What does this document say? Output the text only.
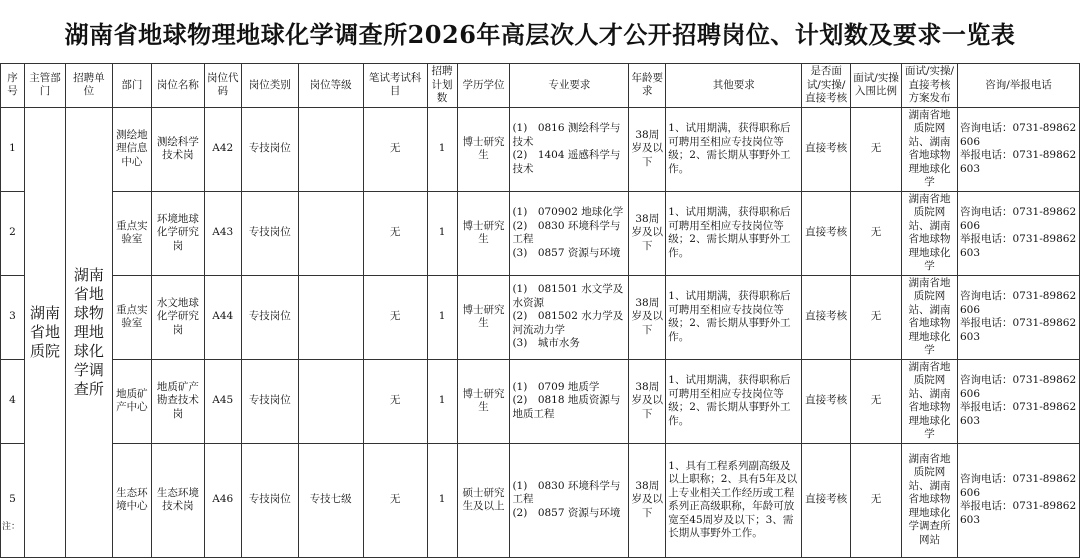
湖南省地球物理地球化学调查所2026年高层次人才公开招聘岗位、计划数及要求一览表
序号	主管部门	招聘单位	部门	岗位名称	岗位代码	岗位类别	岗位等级	笔试考试科目	招聘计划数	学历学位	专业要求	年龄要求	其他要求	是否面试/实操/直接考核	面试/实操入围比例	面试/实操/直接考核方案发布	咨询/举报电话
1	湖南省地质院	湖南省地球物理地球化学调查所	测绘地理信息中心	测绘科学技术岗	A42	专技岗位		无	1	博士研究生	(1)　0816 测绘科学与技术
(2)　1404 遥感科学与技术	38周岁及以下	1、试用期满，获得职称后可聘用至相应专技岗位等级；2、需长期从事野外工作。	直接考核	无	湖南省地质院网站、湖南省地球物理地球化学	咨询电话：0731-89862606
举报电话：0731-89862603
2			重点实验室	环境地球化学研究岗	A43	专技岗位		无	1	博士研究生	(1)　070902 地球化学
(2)　0830 环境科学与工程
(3)　0857 资源与环境	38周岁及以下	1、试用期满，获得职称后可聘用至相应专技岗位等级；2、需长期从事野外工作。	直接考核	无	湖南省地质院网站、湖南省地球物理地球化学	咨询电话：0731-89862606
举报电话：0731-89862603
3			重点实验室	水文地球化学研究岗	A44	专技岗位		无	1	博士研究生	(1)　081501 水文学及水资源
(2)　081502 水力学及河流动力学
(3)　城市水务	38周岁及以下	1、试用期满，获得职称后可聘用至相应专技岗位等级；2、需长期从事野外工作。	直接考核	无	湖南省地质院网站、湖南省地球物理地球化学	咨询电话：0731-89862606
举报电话：0731-89862603
4			地质矿产中心	地质矿产勘查技术岗	A45	专技岗位		无	1	博士研究生	(1)　0709 地质学
(2)　0818 地质资源与地质工程	38周岁及以下	1、试用期满，获得职称后可聘用至相应专技岗位等级；2、需长期从事野外工作。	直接考核	无	湖南省地质院网站、湖南省地球物理地球化学	咨询电话：0731-89862606
举报电话：0731-89862603
5			生态环境中心	生态环境技术岗	A46	专技岗位	专技七级	无	1	硕士研究生及以上	(1)　0830 环境科学与工程
(2)　0857 资源与环境	38周岁及以下	1、具有工程系列副高级及以上职称；2、具有5年及以上专业相关工作经历或工程系列正高级职称，年龄可放宽至45周岁及以下；3、需长期从事野外工作。	直接考核	无	湖南省地质院网站、湖南省地球物理地球化学调查所网站	咨询电话：0731-89862606
举报电话：0731-89862603
注：
